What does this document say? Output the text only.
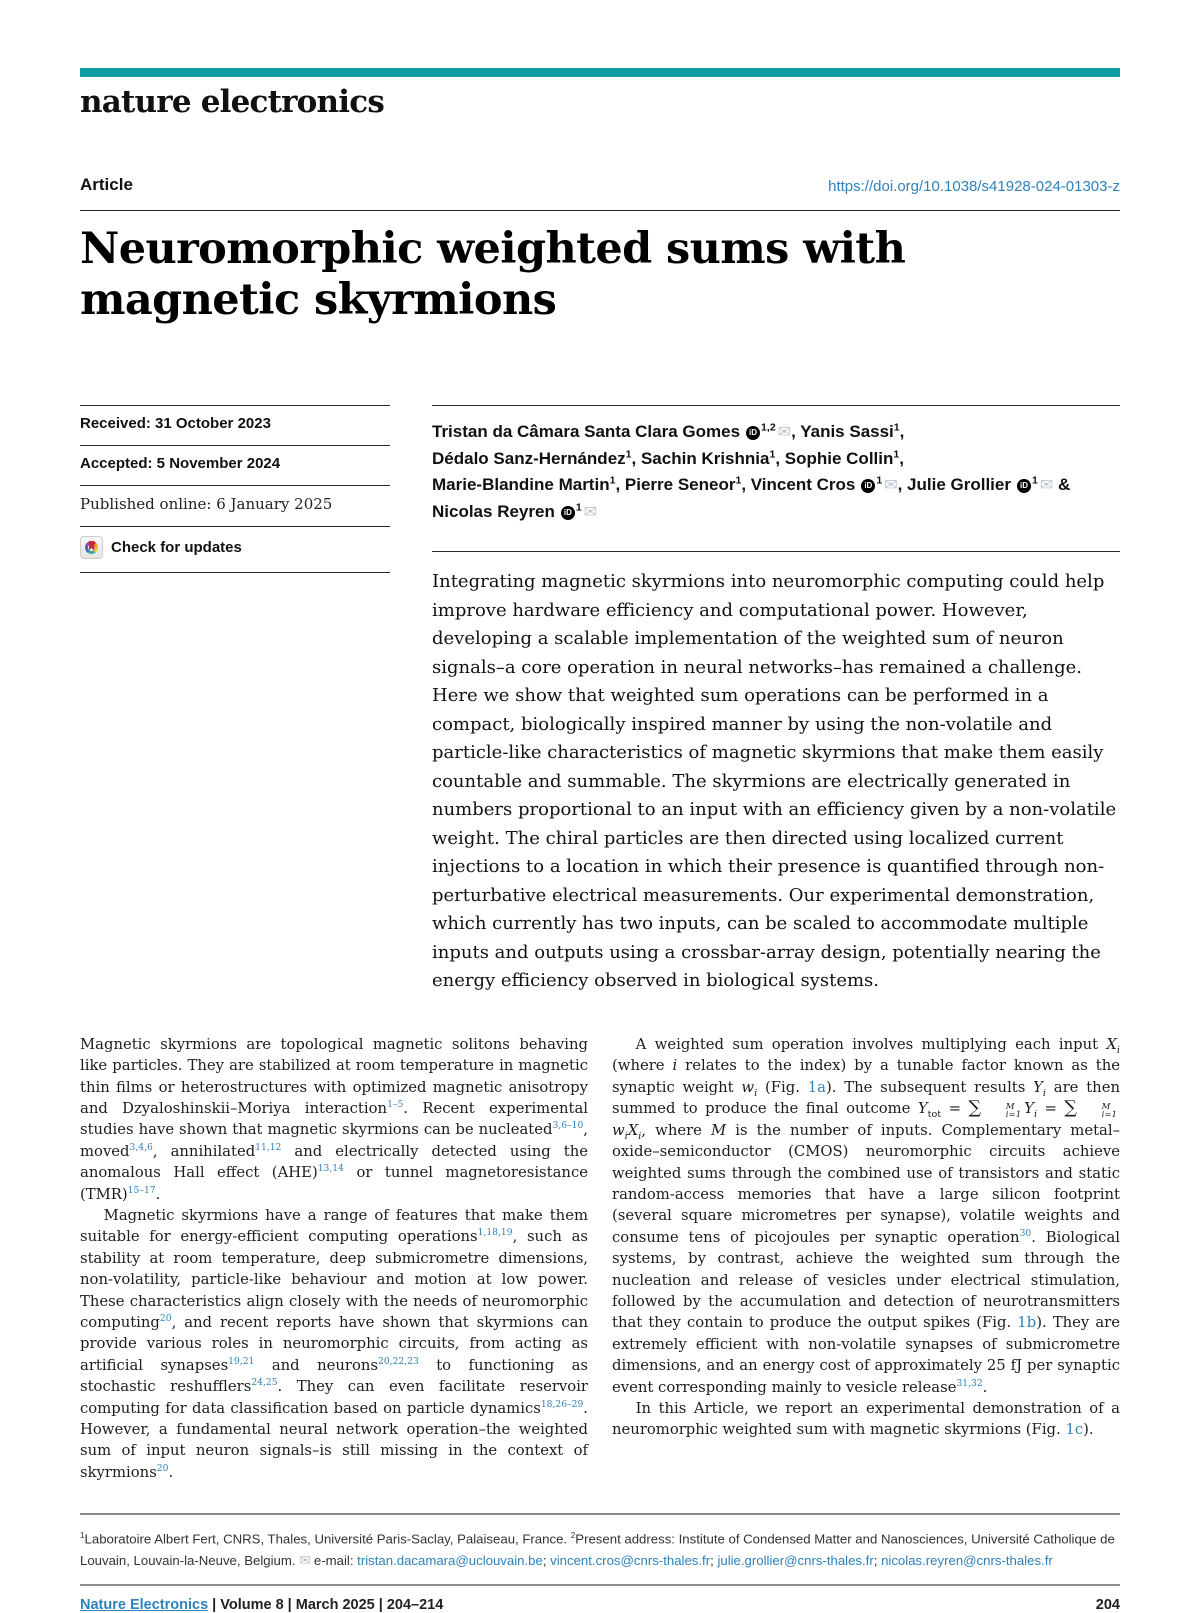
nature electronics
Article	https://doi.org/10.1038/s41928-024-01303-z
Neuromorphic weighted sums with
magnetic skyrmions
Received: 31 October 2023
Accepted: 5 November 2024
Published online: 6 January 2025
Check for updates
Tristan da Câmara Santa Clara Gomes iD $^{1,2}$ ✉, Yanis Sassi$^1$,
Dédalo Sanz-Hernández$^1$, Sachin Krishnia$^1$, Sophie Collin$^1$,
Marie-Blandine Martin$^1$, Pierre Seneor$^1$, Vincent Cros iD $^1$ ✉, Julie Grollier iD $^1$ ✉ &
Nicolas Reyren iD $^1$ ✉
Integrating magnetic skyrmions into neuromorphic computing could help improve hardware efficiency and computational power. However, developing a scalable implementation of the weighted sum of neuron signals–a core operation in neural networks–has remained a challenge. Here we show that weighted sum operations can be performed in a compact, biologically inspired manner by using the non-volatile and particle-like characteristics of magnetic skyrmions that make them easily countable and summable. The skyrmions are electrically generated in numbers proportional to an input with an efficiency given by a non-volatile weight. The chiral particles are then directed using localized current injections to a location in which their presence is quantified through non-perturbative electrical measurements. Our experimental demonstration, which currently has two inputs, can be scaled to accommodate multiple inputs and outputs using a crossbar-array design, potentially nearing the energy efficiency observed in biological systems.

Magnetic skyrmions are topological magnetic solitons behaving like particles. They are stabilized at room temperature in magnetic thin films or heterostructures with optimized magnetic anisotropy and Dzyaloshinskii–Moriya interaction$^{1-5}$. Recent experimental studies have shown that magnetic skyrmions can be nucleated$^{3,6-10}$, moved$^{3,4,6}$, annihilated$^{11,12}$ and electrically detected using the anomalous Hall effect (AHE)$^{13,14}$ or tunnel magnetoresistance (TMR)$^{15-17}$.

Magnetic skyrmions have a range of features that make them suitable for energy-efficient computing operations$^{1,18,19}$, such as stability at room temperature, deep submicrometre dimensions, non-volatility, particle-like behaviour and motion at low power. These characteristics align closely with the needs of neuromorphic computing$^{20}$, and recent reports have shown that skyrmions can provide various roles in neuromorphic circuits, from acting as artificial synapses$^{19,21}$ and neurons$^{20,22,23}$ to functioning as stochastic reshufflers$^{24,25}$. They can even facilitate reservoir computing for data classification based on particle dynamics$^{18,26-29}$. However, a fundamental neural network operation–the weighted sum of input neuron signals–is still missing in the context of skyrmions$^{20}$.

A weighted sum operation involves multiplying each input $X_i$ (where i relates to the index) by a tunable factor known as the synaptic weight $w_i$ (Fig. 1a). The subsequent results $Y_i$ are then summed to produce the final outcome $Y_{tot}$ = ∑	M
i=1 $Y_i$ = ∑	M
i=1
$w_iX_i$, where M is the number of inputs. Complementary metal–oxide–semiconductor (CMOS) neuromorphic circuits achieve weighted sums through the combined use of transistors and static random-access memories that have a large silicon footprint (several square micrometres per synapse), volatile weights and consume tens of picojoules per synaptic operation$^{30}$. Biological systems, by contrast, achieve the weighted sum through the nucleation and release of vesicles under electrical stimulation, followed by the accumulation and detection of neurotransmitters that they contain to produce the output spikes (Fig. 1b). They are extremely efficient with non-volatile synapses of submicrometre dimensions, and an energy cost of approximately 25 fJ per synaptic event corresponding mainly to vesicle release$^{31,32}$.

In this Article, we report an experimental demonstration of a neuromorphic weighted sum with magnetic skyrmions (Fig. 1c).

$^1$Laboratoire Albert Fert, CNRS, Thales, Université Paris-Saclay, Palaiseau, France. $^2$Present address: Institute of Condensed Matter and Nanosciences, Université Catholique de Louvain, Louvain-la-Neuve, Belgium. ✉ e-mail: tristan.dacamara@uclouvain.be; vincent.cros@cnrs-thales.fr; julie.grollier@cnrs-thales.fr; nicolas.reyren@cnrs-thales.fr
Nature Electronics | Volume 8 | March 2025 | 204–214	204
